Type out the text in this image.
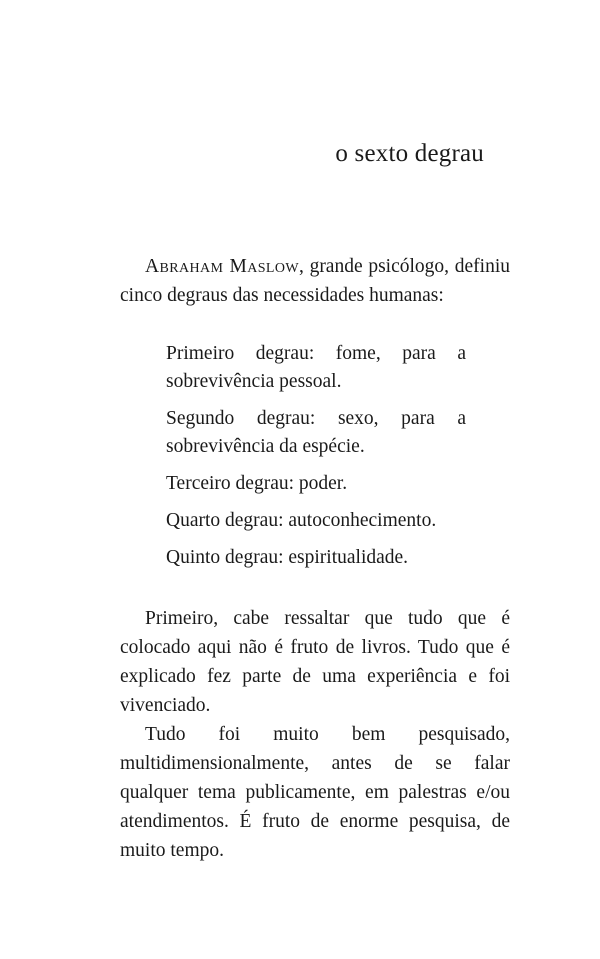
o sexto degrau

Abraham Maslow, grande psicólogo, definiu cinco degraus das necessidades humanas:

Primeiro degrau: fome, para a sobrevivência pessoal.

Segundo degrau: sexo, para a sobrevivência da espécie.

Terceiro degrau: poder.

Quarto degrau: autoconhecimento.

Quinto degrau: espiritualidade.

Primeiro, cabe ressaltar que tudo que é colocado aqui não é fruto de livros. Tudo que é explicado fez parte de uma experiência e foi vivenciado.

Tudo foi muito bem pesquisado, multidimensionalmente, antes de se falar qualquer tema publicamente, em palestras e/ou atendimentos. É fruto de enorme pesquisa, de muito tempo.
